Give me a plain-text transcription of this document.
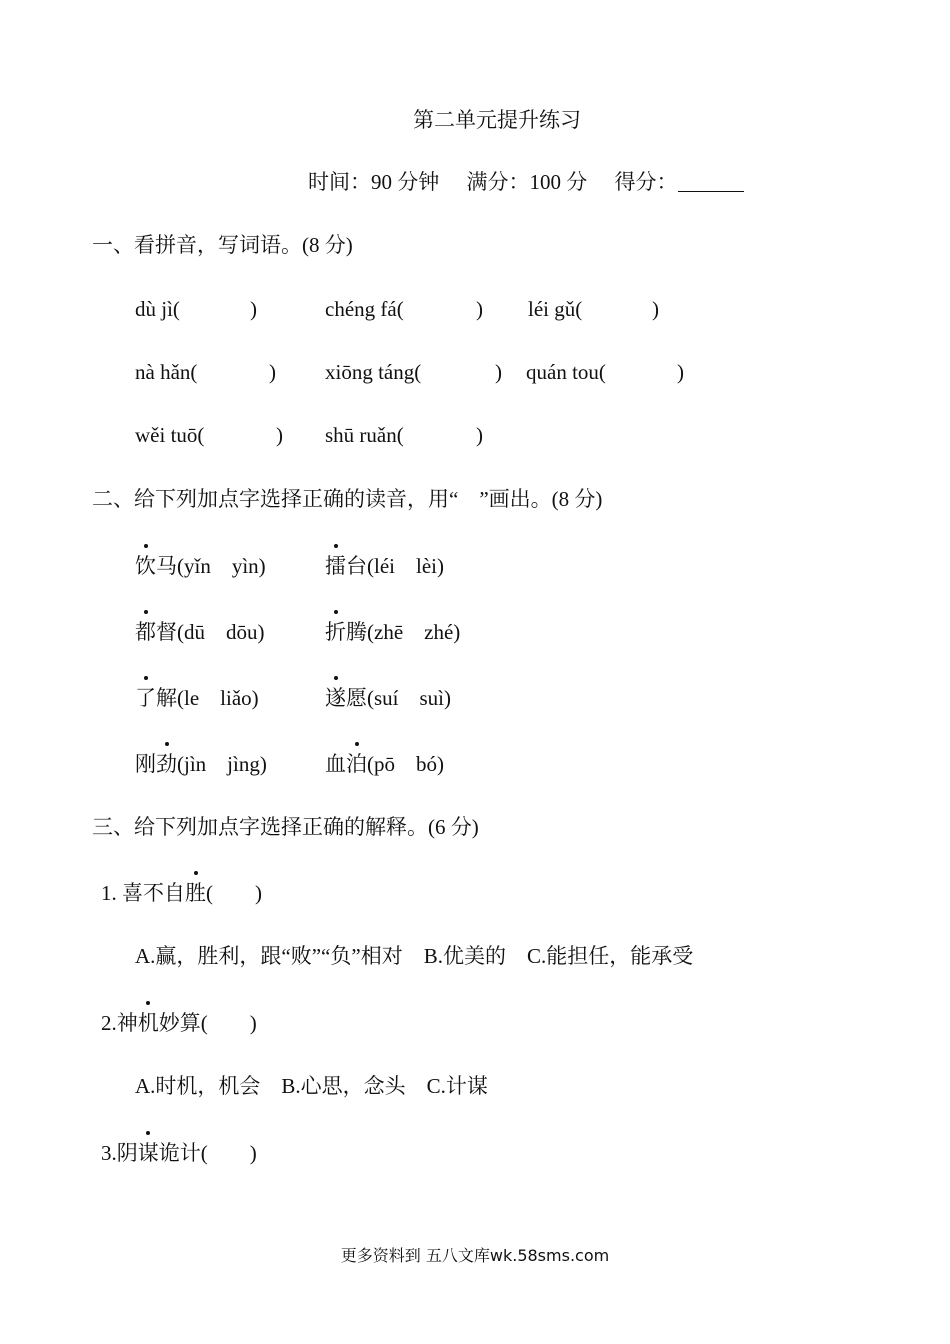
第二单元提升练习
时间：90 分钟 满分：100 分 得分：
一、看拼音，写词语。(8 分)
dù jì(	)	chéng fá(	) léi gǔ(	)
nà hǎn(	) xiōng táng(	) quán tou(	)
wěi tuō(	) shū ruǎn(	)
二、给下列加点字选择正确的读音，用“　”画出。(8 分)
饮马(yǐn　yìn)	擂台(léi　lèi)
都督(dū　dōu)	折腾(zhē　zhé)
了解(le　liǎo)	遂愿(suí　suì)
刚劲(jìn　jìng)	血泊(pō　bó)
三、给下列加点字选择正确的解释。(6 分)
1. 喜不自胜(　　)
A.赢，胜利，跟“败”“负”相对　B.优美的　C.能担任，能承受
2.神机妙算(　　)
A.时机，机会　B.心思，念头　C.计谋
3.阴谋诡计(　　)
更多资料到 五八文库wk.58sms.com
